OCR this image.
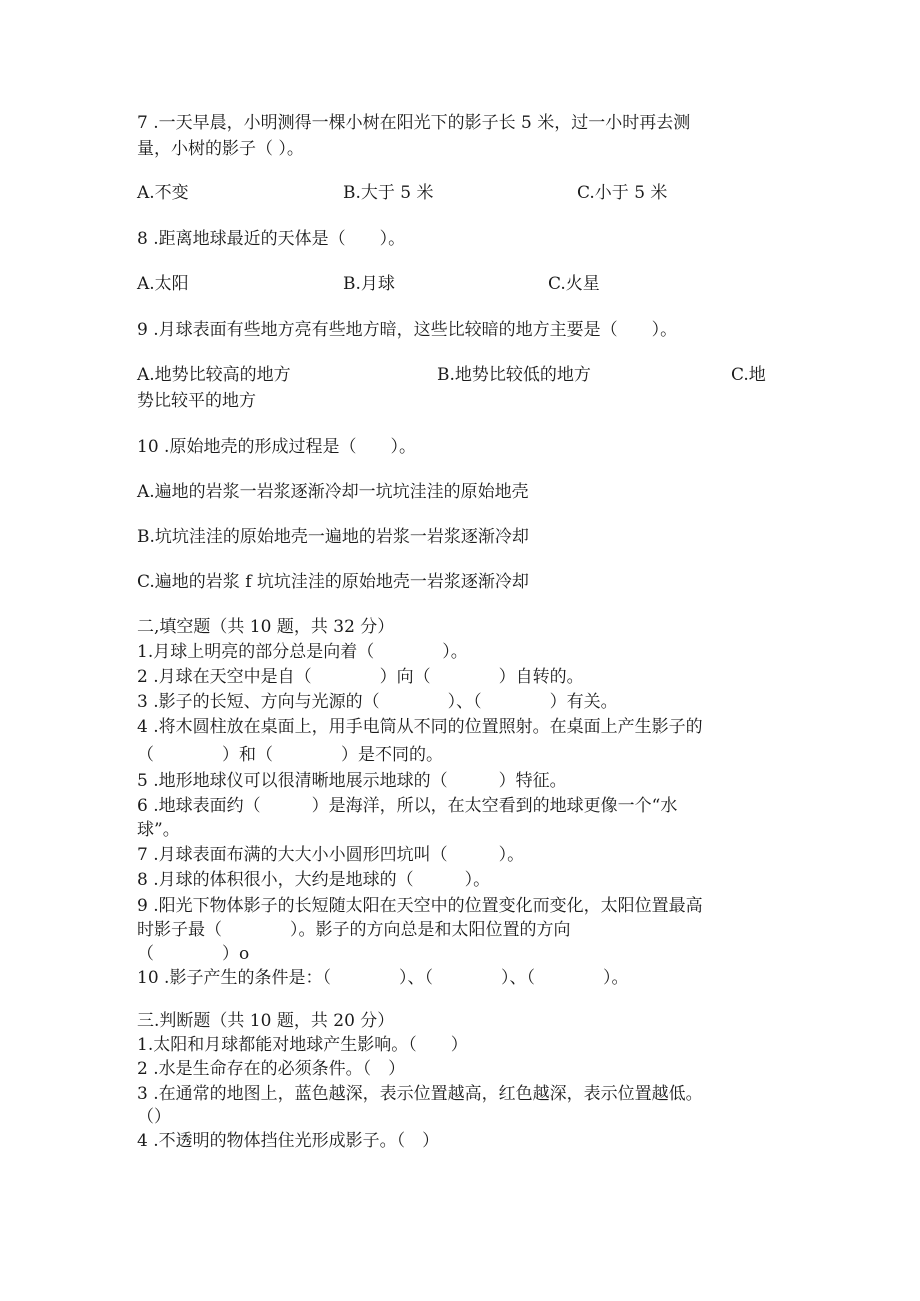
7 .一天早晨，小明测得一棵小树在阳光下的影子长 5 米，过一小时再去测
量，小树的影子（ ）。
A.不变	B.大于 5 米	C.小于 5 米
8 .距离地球最近的天体是（　　）。
A.太阳	B.月球	C.火星
9 .月球表面有些地方亮有些地方暗，这些比较暗的地方主要是（　　）。
A.地势比较高的地方	B.地势比较低的地方	C.地
势比较平的地方
10 .原始地壳的形成过程是（　　）。
A.遍地的岩浆一岩浆逐渐冷却一坑坑洼洼的原始地壳
B.坑坑洼洼的原始地壳一遍地的岩浆一岩浆逐渐冷却
C.遍地的岩浆 f 坑坑洼洼的原始地壳一岩浆逐渐冷却
二,填空题（共 10 题，共 32 分）
1.月球上明亮的部分总是向着（　　　　）。
2 .月球在天空中是自（　　　　）向（　　　　）自转的。
3 .影子的长短、方向与光源的（　　　　）、（　　　　）有关。
4 .将木圆柱放在桌面上，用手电筒从不同的位置照射。在桌面上产生影子的
（　　　　）和（　　　　）是不同的。
5 .地形地球仪可以很清晰地展示地球的（　　　）特征。
6 .地球表面约（　　　）是海洋，所以，在太空看到的地球更像一个“水
球”。
7 .月球表面布满的大大小小圆形凹坑叫（　　　）。
8 .月球的体积很小，大约是地球的（　　　）。
9 .阳光下物体影子的长短随太阳在天空中的位置变化而变化，太阳位置最高
时影子最（　　　　）。影子的方向总是和太阳位置的方向
（　　　　）o
10 .影子产生的条件是：（　　　　）、（　　　　）、（　　　　）。
三.判断题（共 10 题，共 20 分）
1.太阳和月球都能对地球产生影响。（　　）
2 .水是生命存在的必须条件。（　）
3 .在通常的地图上，蓝色越深，表示位置越高，红色越深，表示位置越低。
（）
4 .不透明的物体挡住光形成影子。（　）
